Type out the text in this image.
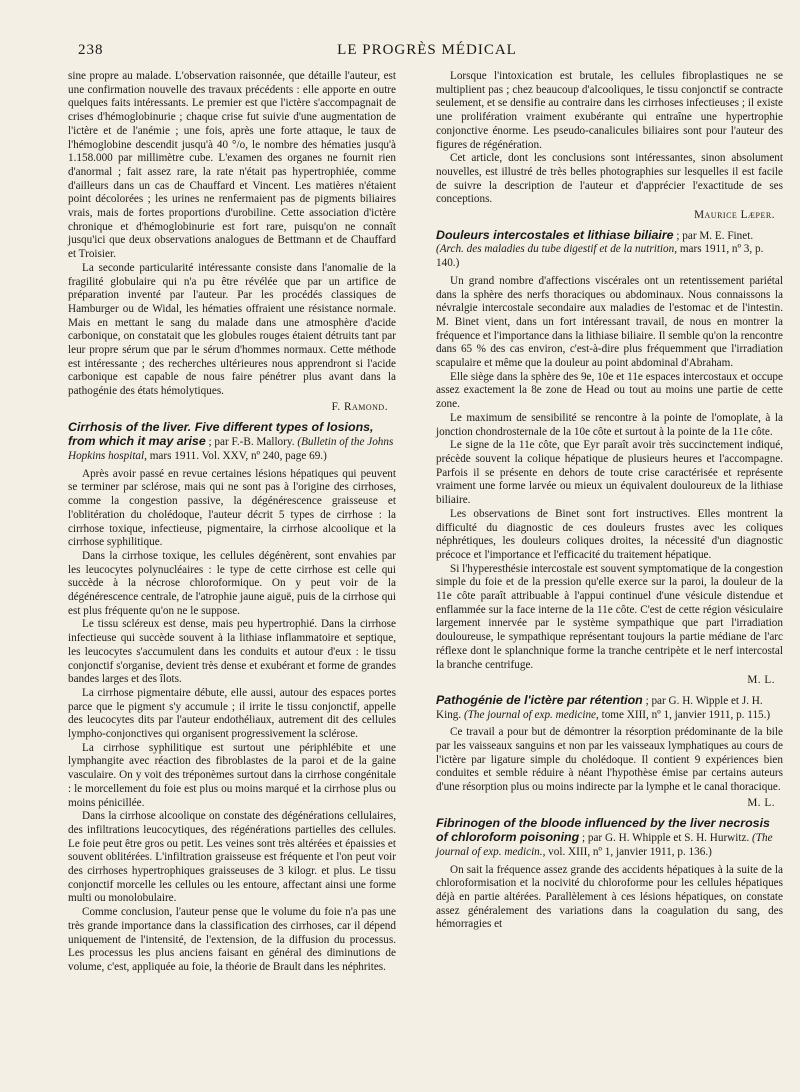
238	LE PROGRÈS MÉDICAL

sine propre au malade. L'observation raisonnée, que détaille l'auteur, est une confirmation nouvelle des travaux précédents : elle apporte en outre quelques faits intéressants. Le premier est que l'ictère s'accompagnait de crises d'hémoglobinurie ; chaque crise fut suivie d'une augmentation de l'ictère et de l'anémie ; une fois, après une forte attaque, le taux de l'hémoglobine descendit jusqu'à 40 °/o, le nombre des hématies jusqu'à 1.158.000 par millimètre cube. L'examen des organes ne fournit rien d'anormal ; fait assez rare, la rate n'était pas hypertrophiée, comme d'ailleurs dans un cas de Chauffard et Vincent. Les matières n'étaient point décolorées ; les urines ne renfermaient pas de pigments biliaires vrais, mais de fortes proportions d'urobiline. Cette association d'ictère chronique et d'hémoglobinurie est fort rare, puisqu'on ne connaît jusqu'ici que deux observations analogues de Bettmann et de Chauffard et Troisier.

La seconde particularité intéressante consiste dans l'anomalie de la fragilité globulaire qui n'a pu être révélée que par un artifice de préparation inventé par l'auteur. Par les procédés classiques de Hamburger ou de Widal, les hématies offraient une résistance normale. Mais en mettant le sang du malade dans une atmosphère d'acide carbonique, on constatait que les globules rouges étaient détruits tant par leur propre sérum que par le sérum d'hommes normaux. Cette méthode est intéressante ; des recherches ultérieures nous apprendront si l'acide carbonique est capable de nous faire pénétrer plus avant dans la pathogénie des états hémolytiques.

F. Ramond.
Cirrhosis of the liver. Five different types of losions, from which it may arise ; par F.-B. Mallory. (Bulletin of the Johns Hopkins hospital, mars 1911. Vol. XXV, nº 240, page 69.)

Après avoir passé en revue certaines lésions hépatiques qui peuvent se terminer par sclérose, mais qui ne sont pas à l'origine des cirrhoses, comme la congestion passive, la dégénérescence graisseuse et l'oblitération du cholédoque, l'auteur décrit 5 types de cirrhose : la cirrhose toxique, infectieuse, pigmentaire, la cirrhose alcoolique et la cirrhose syphilitique.

Dans la cirrhose toxique, les cellules dégénèrent, sont envahies par les leucocytes polynucléaires : le type de cette cirrhose est celle qui succède à la nécrose chloroformique. On y peut voir de la dégénérescence centrale, de l'atrophie jaune aiguë, puis de la cirrhose qui est plus fréquente qu'on ne le suppose.

Le tissu scléreux est dense, mais peu hypertrophié. Dans la cirrhose infectieuse qui succède souvent à la lithiase inflammatoire et septique, les leucocytes s'accumulent dans les conduits et autour d'eux : le tissu conjonctif s'organise, devient très dense et exubérant et forme de grandes bandes larges et des îlots.

La cirrhose pigmentaire débute, elle aussi, autour des espaces portes parce que le pigment s'y accumule ; il irrite le tissu conjonctif, appelle des leucocytes dits par l'auteur endothéliaux, autrement dit des cellules lympho-conjonctives qui organisent progressivement la sclérose.

La cirrhose syphilitique est surtout une périphlébite et une lymphangite avec réaction des fibroblastes de la paroi et de la gaine vasculaire. On y voit des tréponèmes surtout dans la cirrhose congénitale : le morcellement du foie est plus ou moins marqué et la cirrhose plus ou moins pénicillée.

Dans la cirrhose alcoolique on constate des dégénérations cellulaires, des infiltrations leucocytiques, des régénérations partielles des cellules. Le foie peut être gros ou petit. Les veines sont très altérées et épaissies et souvent oblitérées. L'infiltration graisseuse est fréquente et l'on peut voir des cirrhoses hypertrophiques graisseuses de 3 kilogr. et plus. Le tissu conjonctif morcelle les cellules ou les entoure, affectant ainsi une forme multi ou monolobulaire.

Comme conclusion, l'auteur pense que le volume du foie n'a pas une très grande importance dans la classification des cirrhoses, car il dépend uniquement de l'intensité, de l'extension, de la diffusion du processus. Les processus les plus anciens faisant en général des diminutions de volume, c'est, appliquée au foie, la théorie de Brault dans les néphrites.

Lorsque l'intoxication est brutale, les cellules fibroplastiques ne se multiplient pas ; chez beaucoup d'alcooliques, le tissu conjonctif se contracte seulement, et se densifie au contraire dans les cirrhoses infectieuses ; il existe une prolifération vraiment exubérante qui entraîne une hypertrophie conjonctive énorme. Les pseudo-canalicules biliaires sont pour l'auteur des figures de régénération.

Cet article, dont les conclusions sont intéressantes, sinon absolument nouvelles, est illustré de très belles photographies sur lesquelles il est facile de suivre la description de l'auteur et d'apprécier l'exactitude de ses conceptions.

Maurice Læper.
Douleurs intercostales et lithiase biliaire ; par M. E. Finet. (Arch. des maladies du tube digestif et de la nutrition, mars 1911, nº 3, p. 140.)

Un grand nombre d'affections viscérales ont un retentissement pariétal dans la sphère des nerfs thoraciques ou abdominaux. Nous connaissons la névralgie intercostale secondaire aux maladies de l'estomac et de l'intestin. M. Binet vient, dans un fort intéressant travail, de nous en montrer la fréquence et l'importance dans la lithiase biliaire. Il semble qu'on la rencontre dans 65 % des cas environ, c'est-à-dire plus fréquemment que l'irradiation scapulaire et même que la douleur au point abdominal d'Abraham.

Elle siège dans la sphère des 9e, 10e et 11e espaces intercostaux et occupe assez exactement la 8e zone de Head ou tout au moins une partie de cette zone.

Le maximum de sensibilité se rencontre à la pointe de l'omoplate, à la jonction chondrosternale de la 10e côte et surtout à la pointe de la 11e côte.

Le signe de la 11e côte, que Eyr paraît avoir très succinctement indiqué, précède souvent la colique hépatique de plusieurs heures et l'accompagne. Parfois il se présente en dehors de toute crise caractérisée et représente vraiment une forme larvée ou mieux un équivalent douloureux de la lithiase biliaire.

Les observations de Binet sont fort instructives. Elles montrent la difficulté du diagnostic de ces douleurs frustes avec les coliques néphrétiques, les douleurs coliques droites, la nécessité d'un diagnostic précoce et l'importance et l'efficacité du traitement hépatique.

Si l'hyperesthésie intercostale est souvent symptomatique de la congestion simple du foie et de la pression qu'elle exerce sur la paroi, la douleur de la 11e côte paraît attribuable à l'appui continuel d'une vésicule distendue et enflammée sur la face interne de la 11e côte. C'est de cette région vésiculaire largement innervée par le système sympathique que part l'irradiation douloureuse, le sympathique représentant toujours la partie médiane de l'arc réflexe dont le splanchnique forme la tranche centripète et le nerf intercostal la branche centrifuge.

M. L.
Pathogénie de l'ictère par rétention ; par G. H. Wipple et J. H. King. (The journal of exp. medicine, tome XIII, nº 1, janvier 1911, p. 115.)

Ce travail a pour but de démontrer la résorption prédominante de la bile par les vaisseaux sanguins et non par les vaisseaux lymphatiques au cours de l'ictère par ligature simple du cholédoque. Il contient 9 expériences bien conduites et semble réduire à néant l'hypothèse émise par certains auteurs d'une résorption plus ou moins indirecte par la lymphe et le canal thoracique.

M. L.
Fibrinogen of the bloode influenced by the liver necrosis of chloroform poisoning ; par G. H. Whipple et S. H. Hurwitz. (The journal of exp. medicin., vol. XIII, nº 1, janvier 1911, p. 136.)

On sait la fréquence assez grande des accidents hépatiques à la suite de la chloroformisation et la nocivité du chloroforme pour les cellules hépatiques déjà en partie altérées. Parallèlement à ces lésions hépatiques, on constate assez généralement des variations dans la coagulation du sang, des hémorragies et
